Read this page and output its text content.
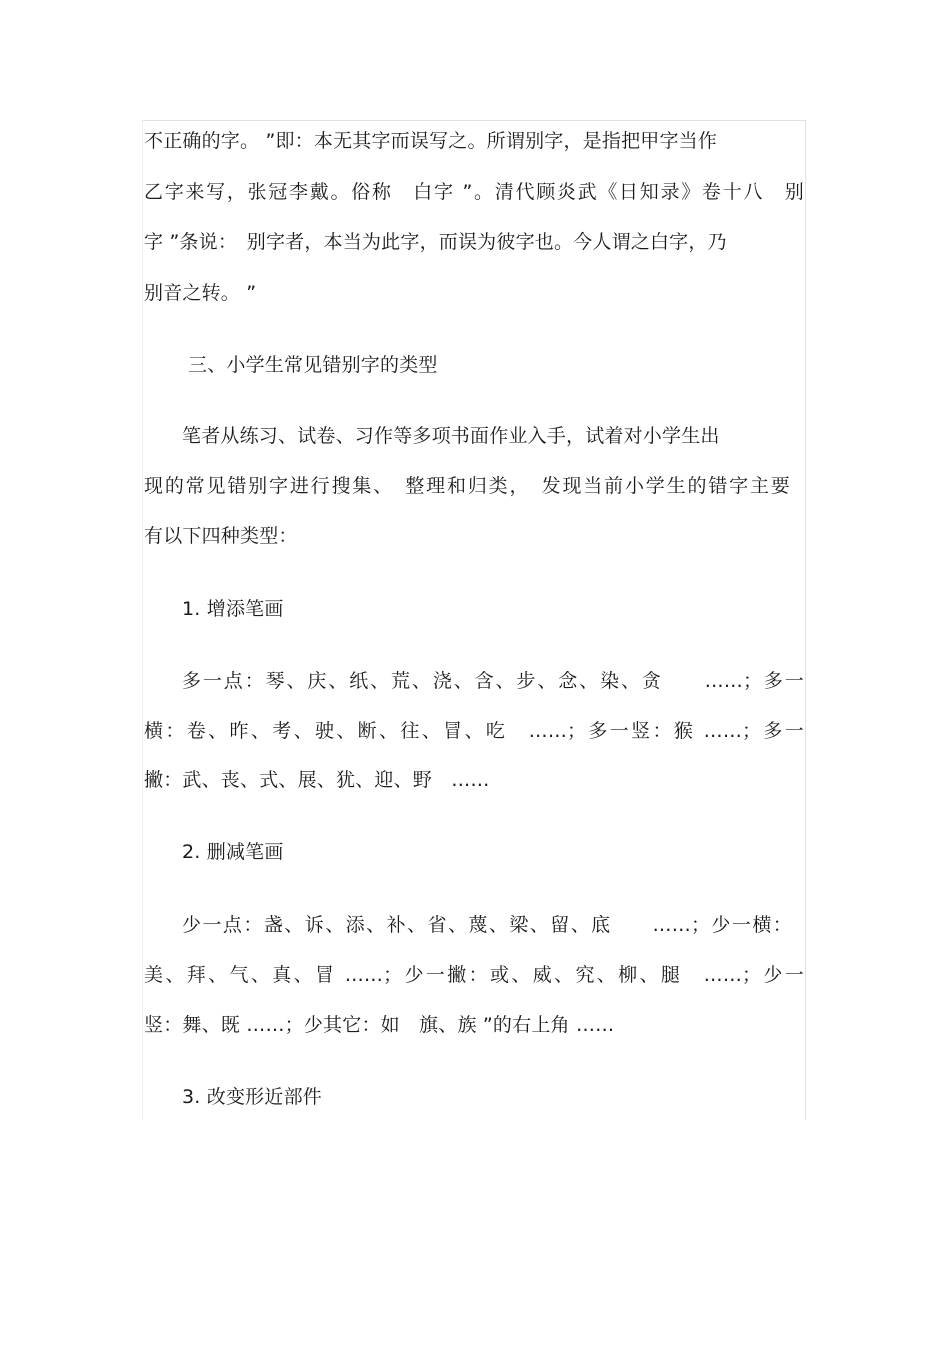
不正确的字。 ”即：本无其字而误写之。所谓别字，是指把甲字当作
乙字来写，张冠李戴。俗称　白字 ”。清代顾炎武《日知录》卷十八　别
字 ”条说：　别字者，本当为此字，而误为彼字也。今人谓之白字，乃
别音之转。 ”
三、小学生常见错别字的类型
笔者从练习、试卷、习作等多项书面作业入手，试着对小学生出
现的常见错别字进行搜集、　整理和归类，　发现当前小学生的错字主要
有以下四种类型：
1. 增添笔画
多一点：琴、庆、纸、荒、浇、含、步、念、染、贪　　……；多一
横：卷、昨、考、驶、断、往、冒、吃　……；多一竖：猴 ……；多一
撇：武、丧、式、展、犹、迎、野　……
2. 删减笔画
少一点：盏、诉、添、补、省、蔑、梁、留、底　　……；少一横：
美、拜、气、真、冒 ……；少一撇：或、威、究、柳、腿　……；少一
竖：舞、既 ……；少其它：如　旗、族 ”的右上角 ……
3. 改变形近部件
